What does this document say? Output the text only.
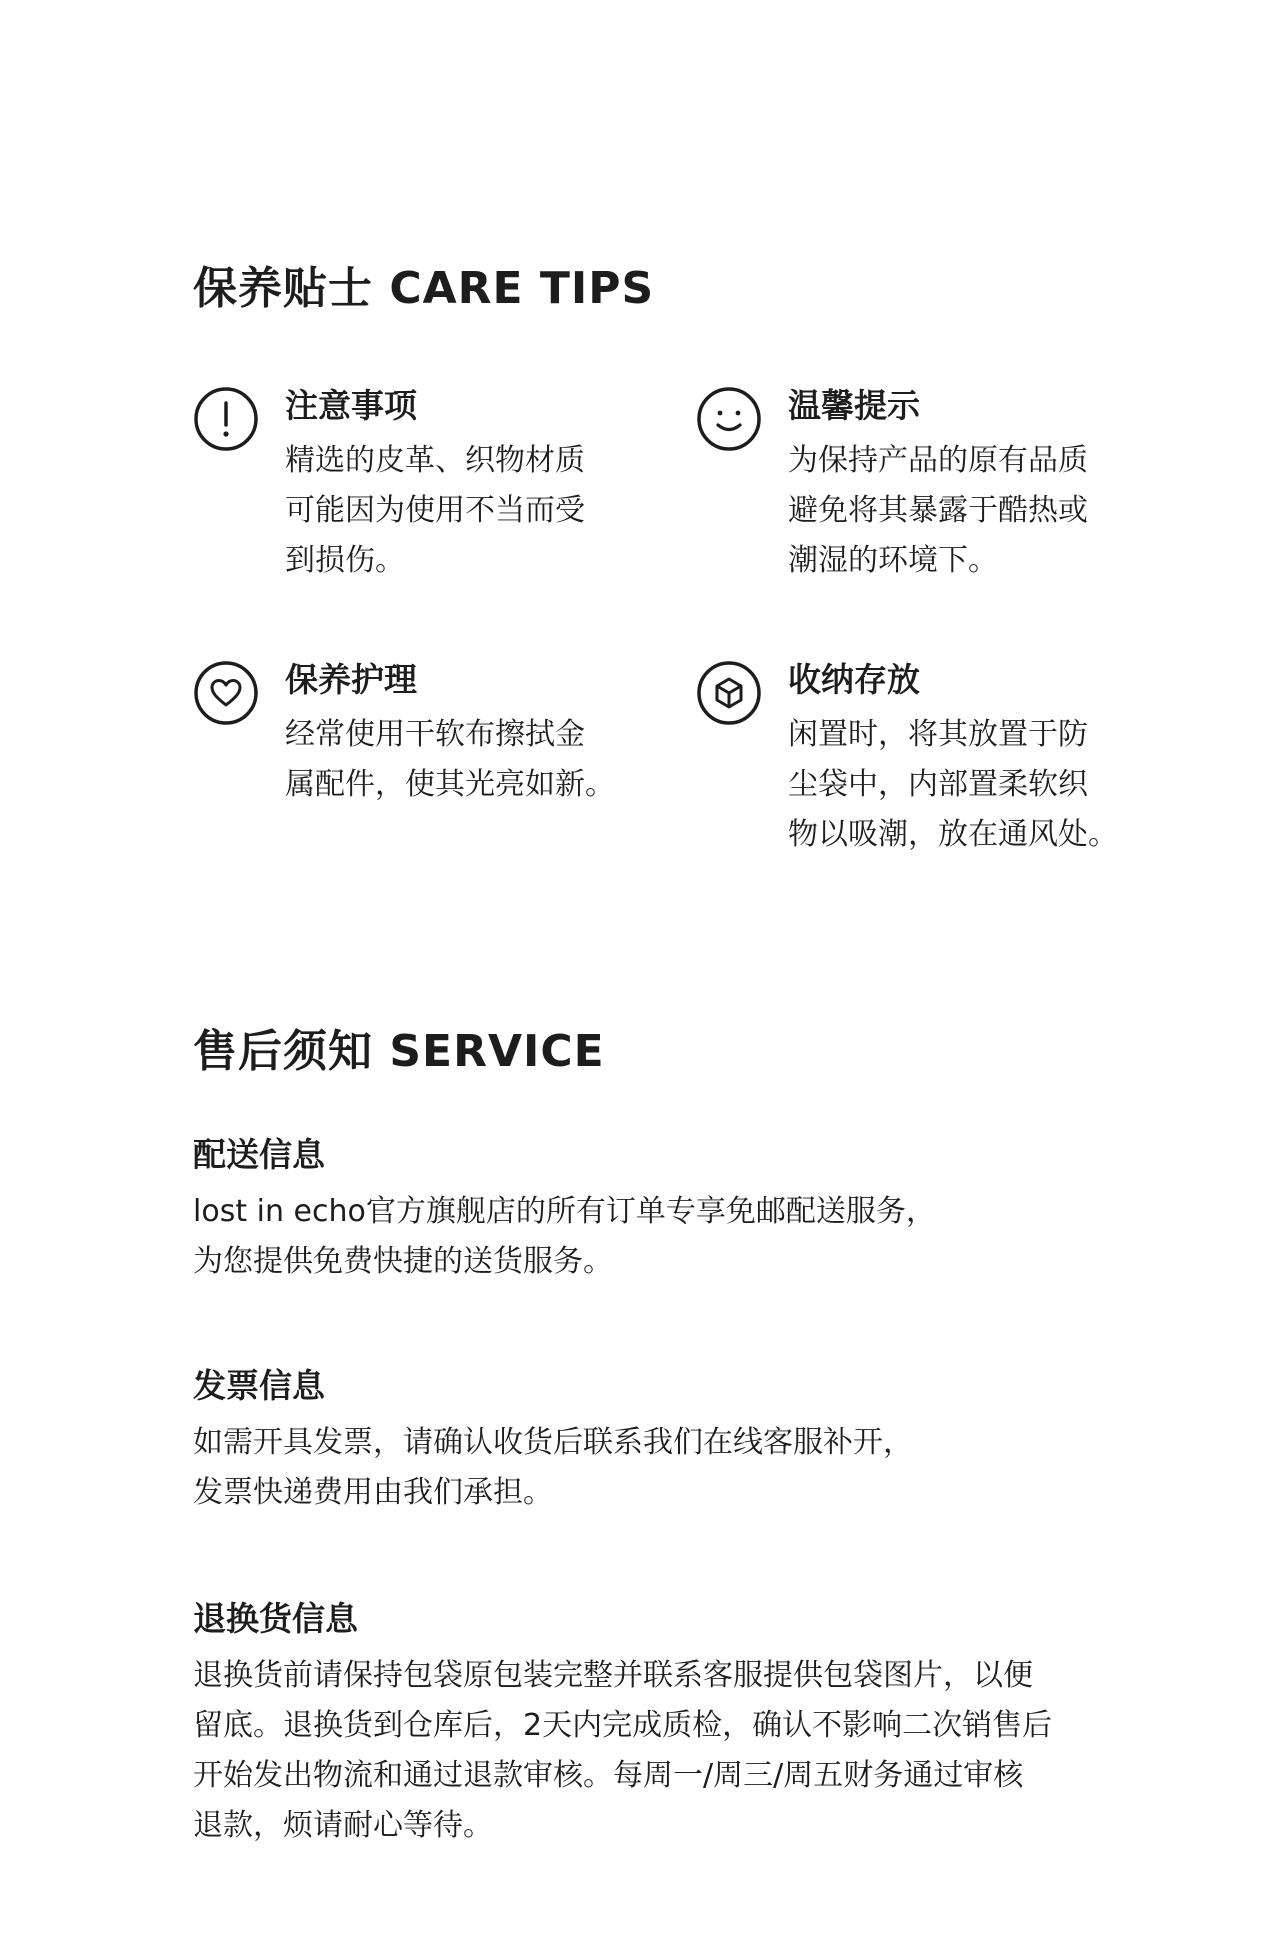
保养贴士 CARE TIPS
注意事项
精选的皮革、织物材质
可能因为使用不当而受
到损伤。
温馨提示
为保持产品的原有品质
避免将其暴露于酷热或
潮湿的环境下。
保养护理
经常使用干软布擦拭金
属配件，使其光亮如新。
收纳存放
闲置时，将其放置于防
尘袋中，内部置柔软织
物以吸潮，放在通风处。
售后须知 SERVICE
配送信息
lost in echo官方旗舰店的所有订单专享免邮配送服务，
为您提供免费快捷的送货服务。
发票信息
如需开具发票，请确认收货后联系我们在线客服补开，
发票快递费用由我们承担。
退换货信息
退换货前请保持包袋原包装完整并联系客服提供包袋图片，以便
留底。退换货到仓库后，2天内完成质检，确认不影响二次销售后
开始发出物流和通过退款审核。每周一/周三/周五财务通过审核
退款，烦请耐心等待。
